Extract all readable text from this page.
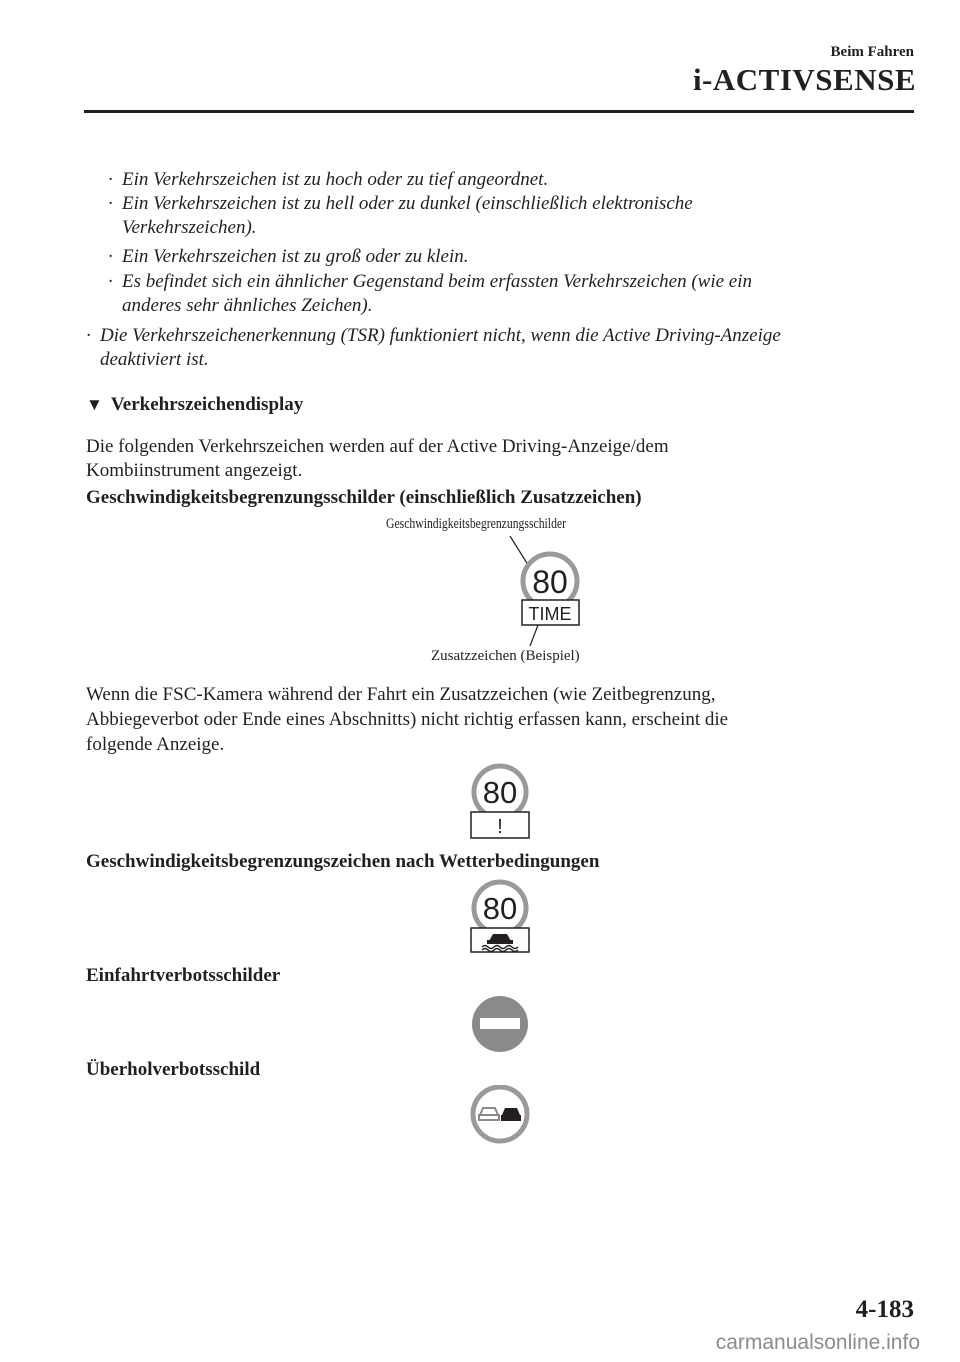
Beim Fahren
i-ACTIVSENSE
· Ein Verkehrszeichen ist zu hoch oder zu tief angeordnet.
· Ein Verkehrszeichen ist zu hell oder zu dunkel (einschließlich elektronische
Verkehrszeichen).
· Ein Verkehrszeichen ist zu groß oder zu klein.
· Es befindet sich ein ähnlicher Gegenstand beim erfassten Verkehrszeichen (wie ein
anderes sehr ähnliches Zeichen).
· Die Verkehrszeichenerkennung (TSR) funktioniert nicht, wenn die Active Driving-Anzeige
deaktiviert ist.
▼ Verkehrszeichendisplay
Die folgenden Verkehrszeichen werden auf der Active Driving-Anzeige/dem
Kombiinstrument angezeigt.
Geschwindigkeitsbegrenzungsschilder (einschließlich Zusatzzeichen)
Geschwindigkeitsbegrenzungsschilder
80
TIME
Zusatzzeichen (Beispiel)
Wenn die FSC-Kamera während der Fahrt ein Zusatzzeichen (wie Zeitbegrenzung,
Abbiegeverbot oder Ende eines Abschnitts) nicht richtig erfassen kann, erscheint die
folgende Anzeige.
80
!
Geschwindigkeitsbegrenzungszeichen nach Wetterbedingungen
80
Einfahrtverbotsschilder
Überholverbotsschild
4-183
carmanualsonline.info
